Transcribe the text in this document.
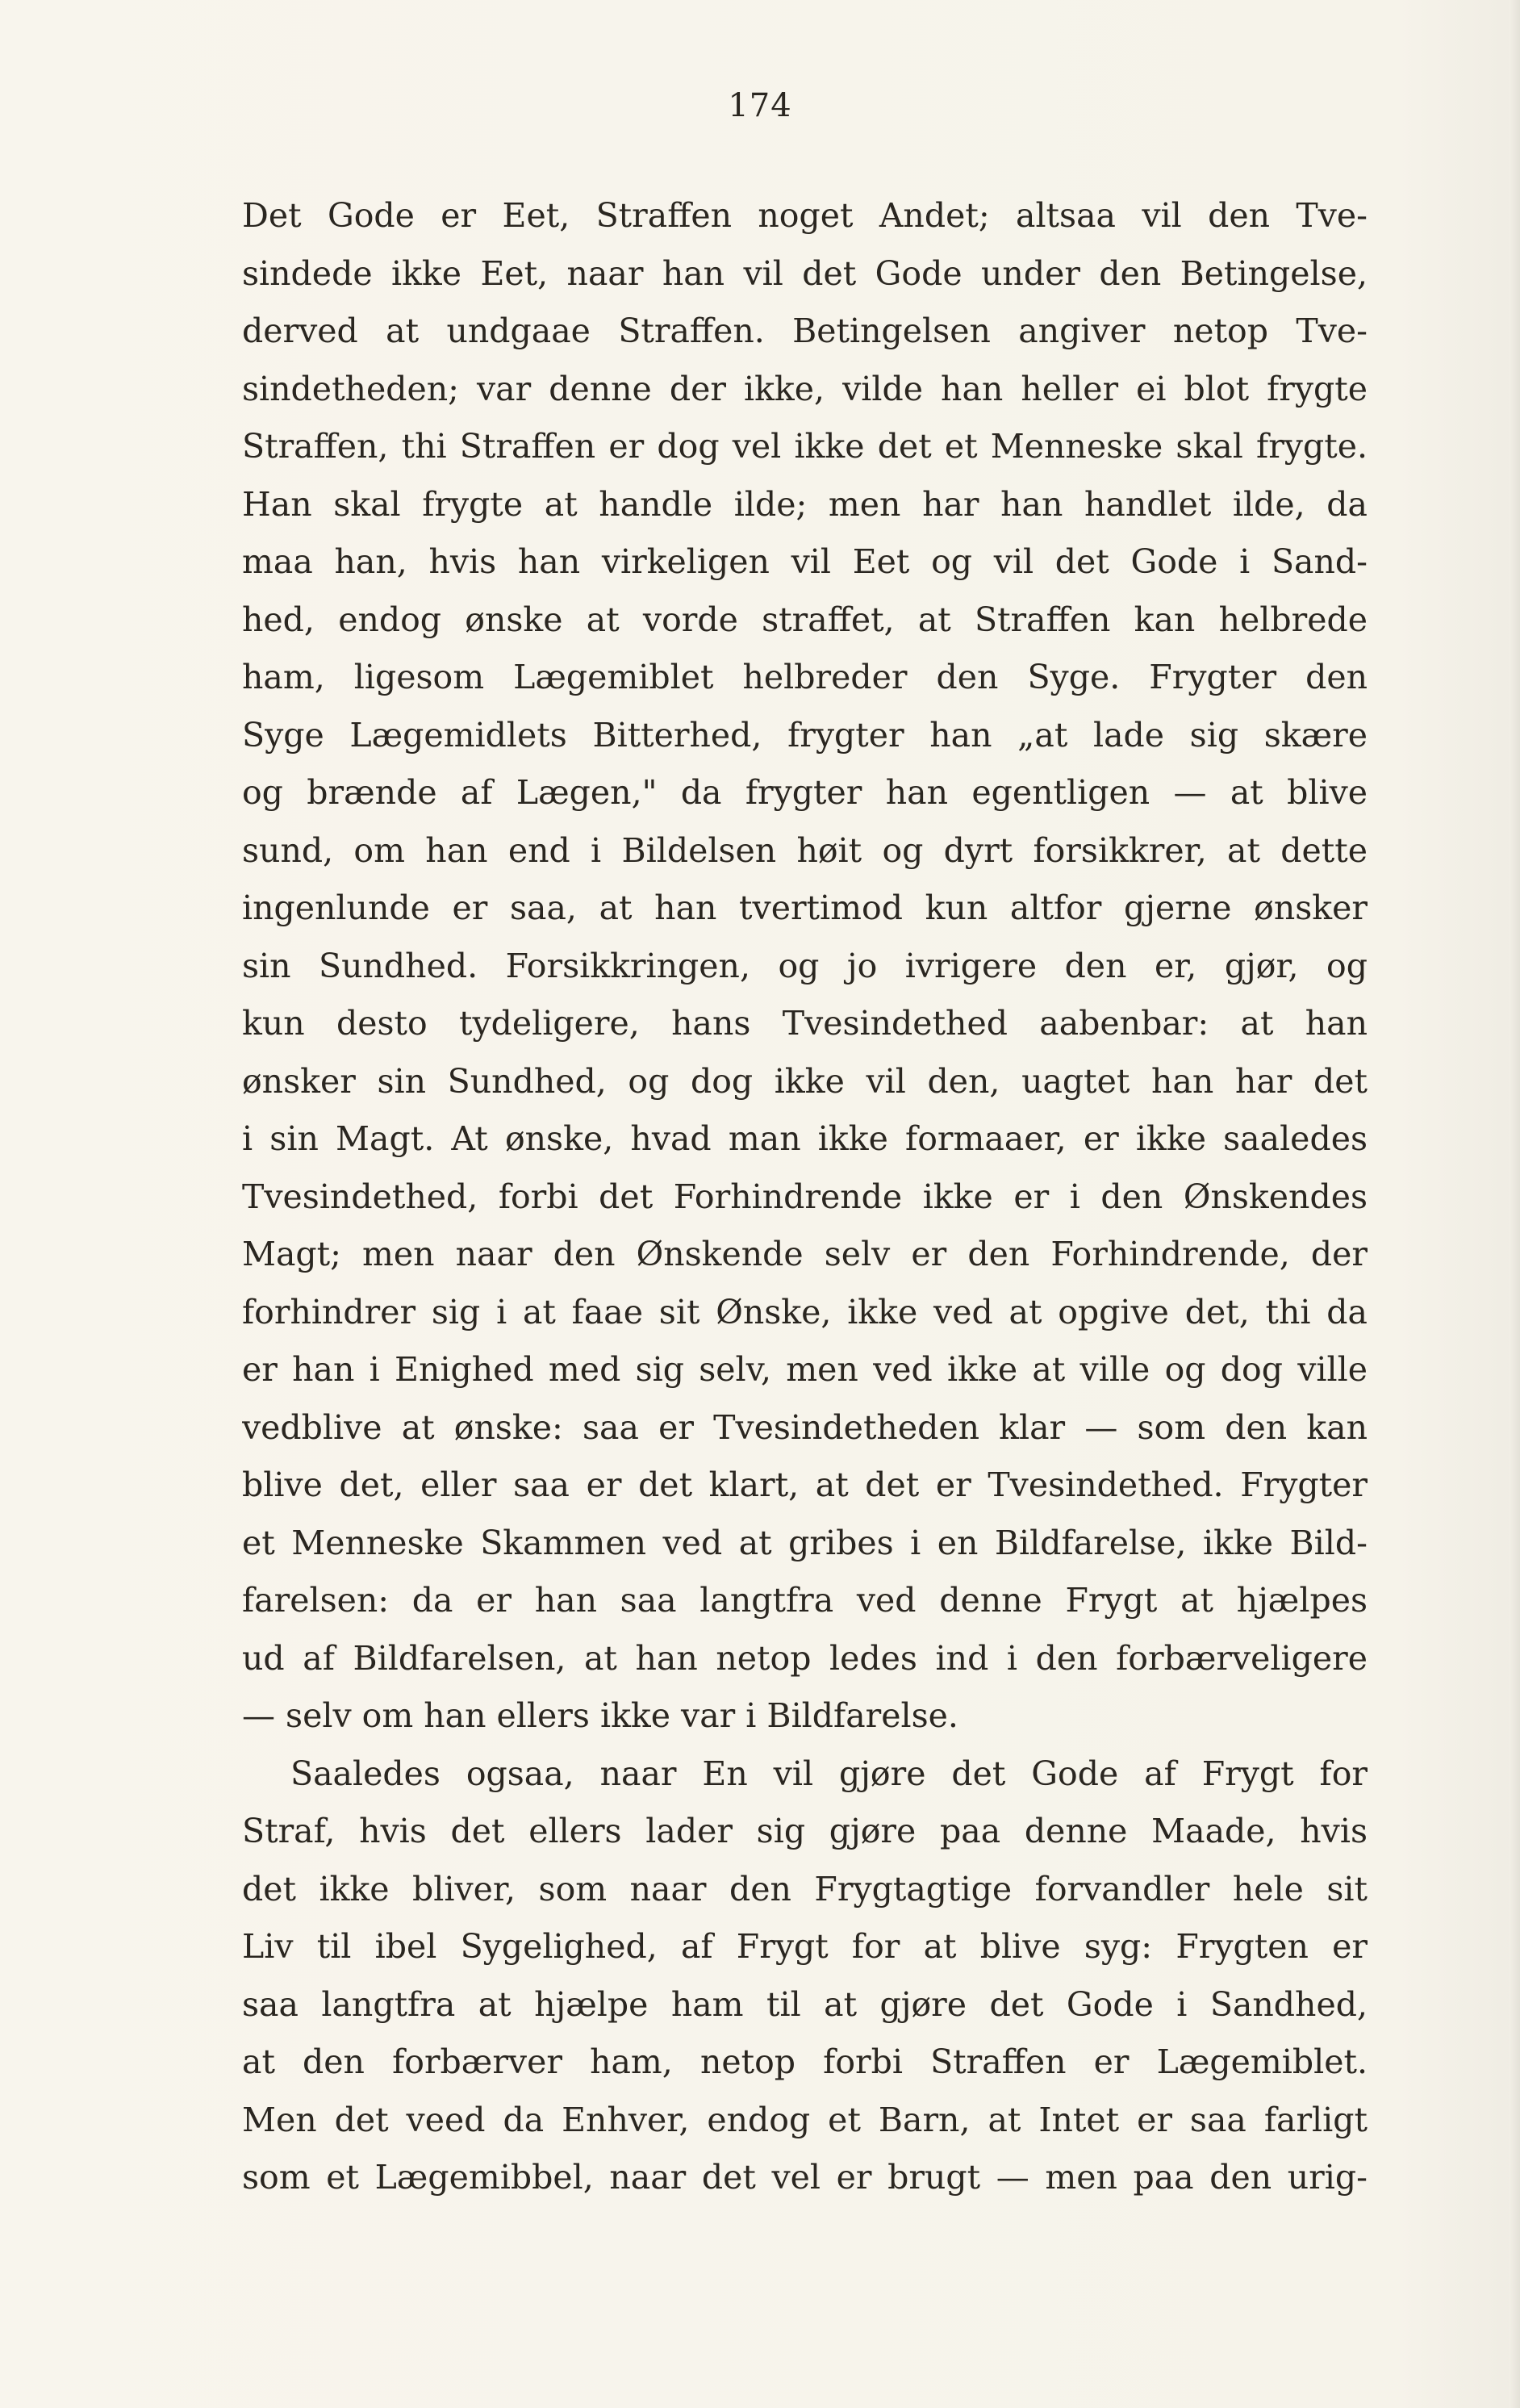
174
Det Gode er Eet, Straffen noget Andet; altsaa vil den Tve-
sindede ikke Eet, naar han vil det Gode under den Betingelse,
derved at undgaae Straffen. Betingelsen angiver netop Tve-
sindetheden; var denne der ikke, vilde han heller ei blot frygte
Straffen, thi Straffen er dog vel ikke det et Menneske skal frygte.
Han skal frygte at handle ilde; men har han handlet ilde, da
maa han, hvis han virkeligen vil Eet og vil det Gode i Sand-
hed, endog ønske at vorde straffet, at Straffen kan helbrede
ham, ligesom Lægemiblet helbreder den Syge. Frygter den
Syge Lægemidlets Bitterhed, frygter han „at lade sig skære
og brænde af Lægen," da frygter han egentligen — at blive
sund, om han end i Bildelsen høit og dyrt forsikkrer, at dette
ingenlunde er saa, at han tvertimod kun altfor gjerne ønsker
sin Sundhed. Forsikkringen, og jo ivrigere den er, gjør, og
kun desto tydeligere, hans Tvesindethed aabenbar: at han
ønsker sin Sundhed, og dog ikke vil den, uagtet han har det
i sin Magt. At ønske, hvad man ikke formaaer, er ikke saaledes
Tvesindethed, forbi det Forhindrende ikke er i den Ønskendes
Magt; men naar den Ønskende selv er den Forhindrende, der
forhindrer sig i at faae sit Ønske, ikke ved at opgive det, thi da
er han i Enighed med sig selv, men ved ikke at ville og dog ville
vedblive at ønske: saa er Tvesindetheden klar — som den kan
blive det, eller saa er det klart, at det er Tvesindethed. Frygter
et Menneske Skammen ved at gribes i en Bildfarelse, ikke Bild-
farelsen: da er han saa langtfra ved denne Frygt at hjælpes
ud af Bildfarelsen, at han netop ledes ind i den forbærveligere
— selv om han ellers ikke var i Bildfarelse.
Saaledes ogsaa, naar En vil gjøre det Gode af Frygt for
Straf, hvis det ellers lader sig gjøre paa denne Maade, hvis
det ikke bliver, som naar den Frygtagtige forvandler hele sit
Liv til ibel Sygelighed, af Frygt for at blive syg: Frygten er
saa langtfra at hjælpe ham til at gjøre det Gode i Sandhed,
at den forbærver ham, netop forbi Straffen er Lægemiblet.
Men det veed da Enhver, endog et Barn, at Intet er saa farligt
som et Lægemibbel, naar det vel er brugt — men paa den urig-
